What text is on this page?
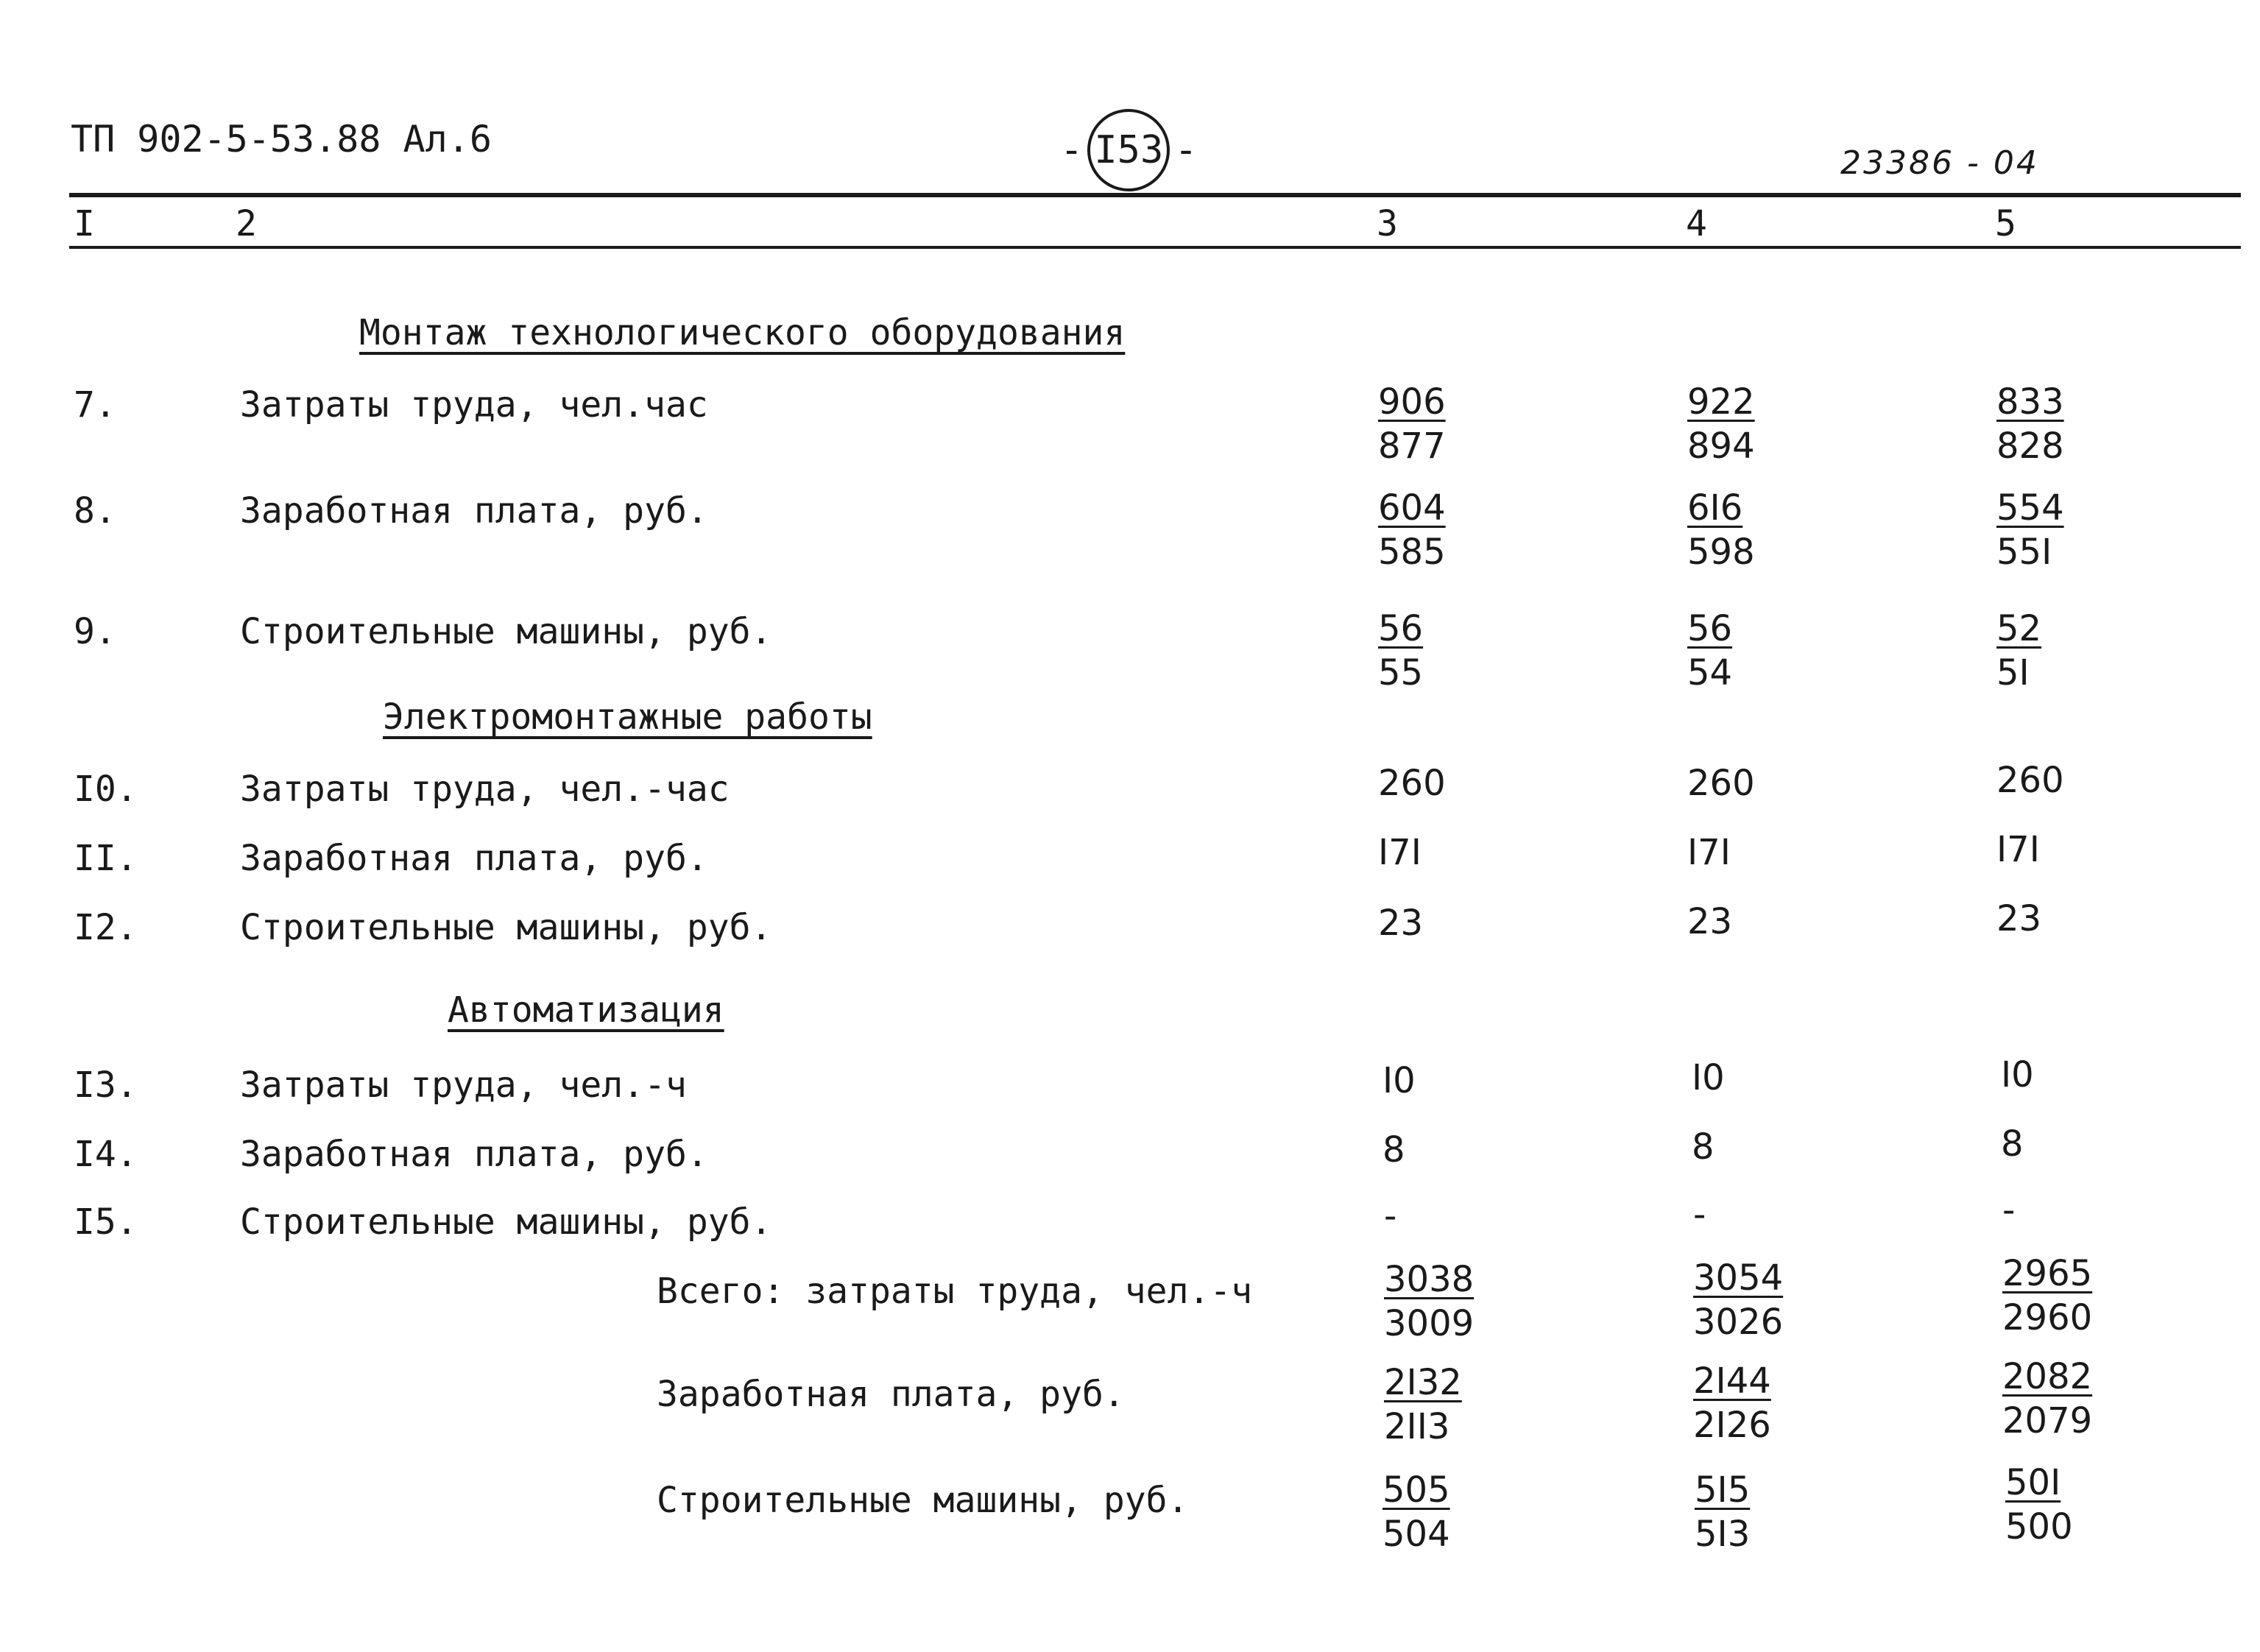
ТП 902-5-53.88 Ал.6	- I53 -	23386 - 04
I	2	3	4	5
Монтаж технологического оборудования
7.	Затраты труда, чел.час	$\frac{906}{877}$	$\frac{922}{894}$	$\frac{833}{828}$
8.	Заработная плата, руб.	$\frac{604}{585}$	$\frac{6I6}{598}$	$\frac{554}{55I}$
9.	Строительные машины, руб.	$\frac{56}{55}$	$\frac{56}{54}$	$\frac{52}{5I}$
Электромонтажные работы
I0.	Затраты труда, чел.-час	260	260	260
II.	Заработная плата, руб.	I7I	I7I	I7I
I2.	Строительные машины, руб.	23	23	23
Автоматизация
I3.	Затраты труда, чел.-ч	I0	I0	I0
I4.	Заработная плата, руб.	8	8	8
I5.	Строительные машины, руб.	-	-	-
Всего: затраты труда, чел.-ч	$\frac{3038}{3009}$	$\frac{3054}{3026}$	$\frac{2965}{2960}$
Заработная плата, руб.	$\frac{2I32}{2II3}$	$\frac{2I44}{2I26}$	$\frac{2082}{2079}$
Строительные машины, руб.	$\frac{505}{504}$	$\frac{5I5}{5I3}$	$\frac{50I}{500}$
